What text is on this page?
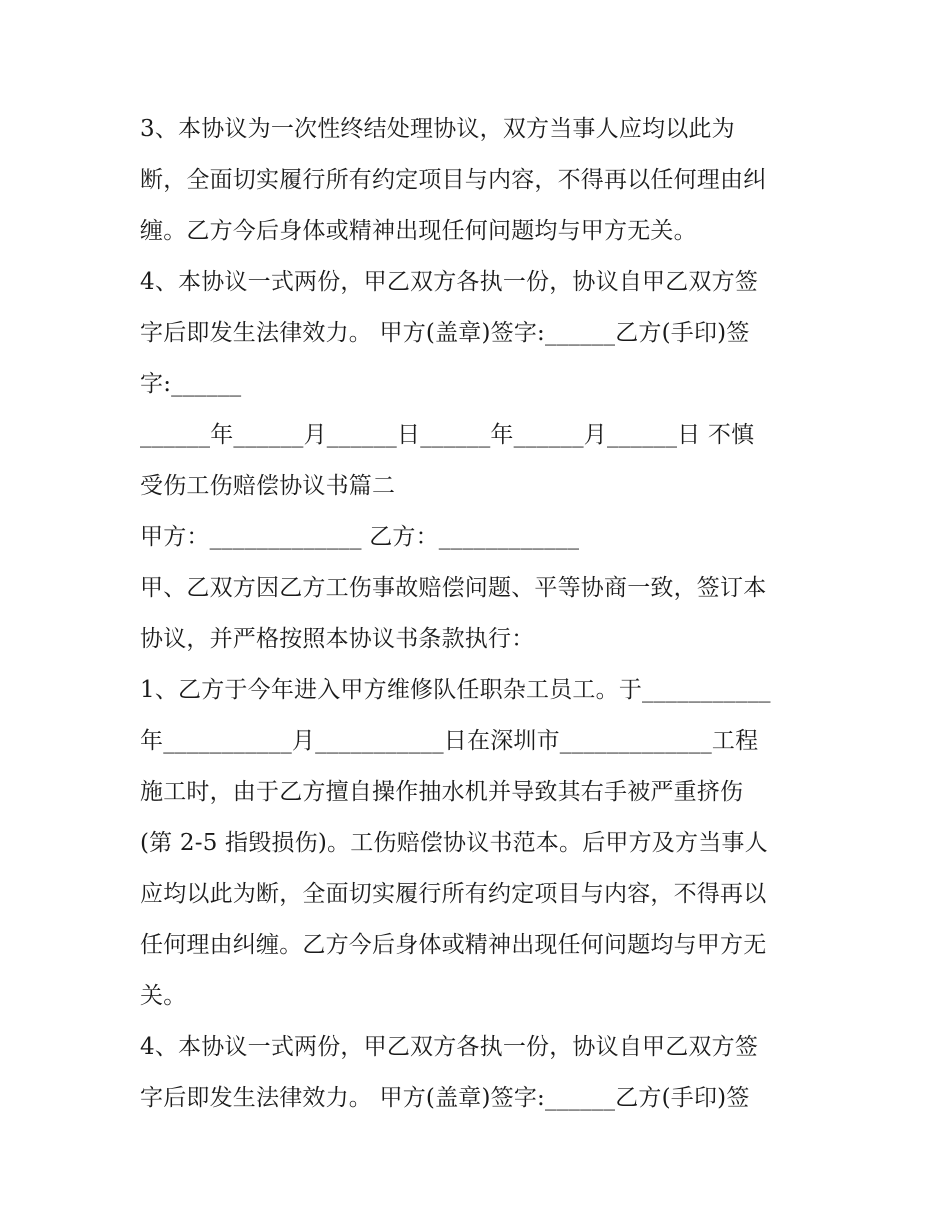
3、本协议为一次性终结处理协议，双方当事人应均以此为
断，全面切实履行所有约定项目与内容，不得再以任何理由纠
缠。乙方今后身体或精神出现任何问题均与甲方无关。
4、本协议一式两份，甲乙双方各执一份，协议自甲乙双方签
字后即发生法律效力。 甲方(盖章)签字:______乙方(手印)签
字:______
______年______月______日______年______月______日 不慎
受伤工伤赔偿协议书篇二
甲方：_____________ 乙方：____________
甲、乙双方因乙方工伤事故赔偿问题、平等协商一致，签订本
协议，并严格按照本协议书条款执行：
1、乙方于今年进入甲方维修队任职杂工员工。于___________
年___________月___________日在深圳市_____________工程
施工时，由于乙方擅自操作抽水机并导致其右手被严重挤伤
(第 2-5 指毁损伤)。工伤赔偿协议书范本。后甲方及方当事人
应均以此为断，全面切实履行所有约定项目与内容，不得再以
任何理由纠缠。乙方今后身体或精神出现任何问题均与甲方无
关。
4、本协议一式两份，甲乙双方各执一份，协议自甲乙双方签
字后即发生法律效力。 甲方(盖章)签字:______乙方(手印)签
